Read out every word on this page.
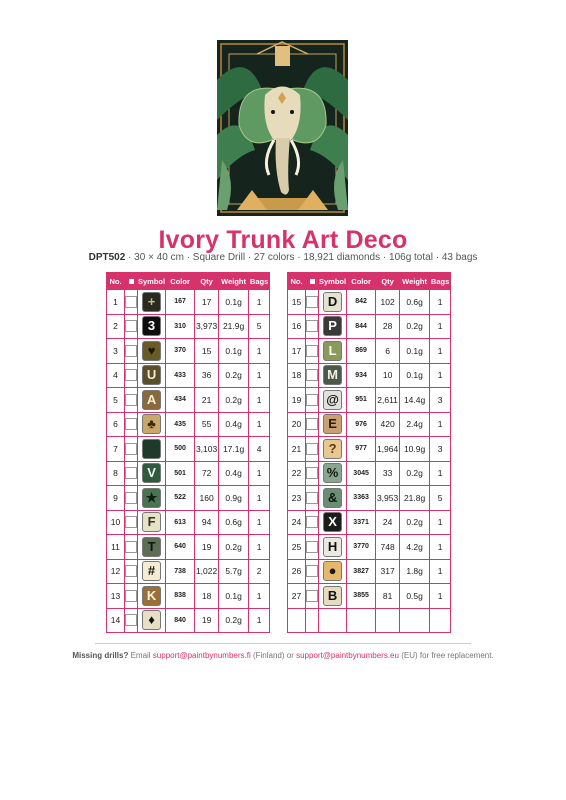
Ivory Trunk Art Deco
DPT502 · 30 × 40 cm · Square Drill · 27 colors · 18,921 diamonds · 106g total · 43 bags
No.		Symbol	Color	Qty	Weight	Bags
1		+	167	17	0.1g	1
2		3	310	3,973	21.9g	5
3		♥	370	15	0.1g	1
4		U	433	36	0.2g	1
5		A	434	21	0.2g	1
6		♣	435	55	0.4g	1
7			500	3,103	17.1g	4
8		V	501	72	0.4g	1
9		★	522	160	0.9g	1
10		F	613	94	0.6g	1
11		T	640	19	0.2g	1
12		#	738	1,022	5.7g	2
13		K	838	18	0.1g	1
14		♦	840	19	0.2g	1
No.		Symbol	Color	Qty	Weight	Bags
15		D	842	102	0.6g	1
16		P	844	28	0.2g	1
17		L	869	6	0.1g	1
18		M	934	10	0.1g	1
19		@	951	2,611	14.4g	3
20		E	976	420	2.4g	1
21		?	977	1,964	10.9g	3
22		%	3045	33	0.2g	1
23		&	3363	3,953	21.8g	5
24		X	3371	24	0.2g	1
25		H	3770	748	4.2g	1
26		●	3827	317	1.8g	1
27		B	3855	81	0.5g	1

Missing drills? Email support@paintbynumbers.fi (Finland) or support@paintbynumbers.eu (EU) for free replacement.
